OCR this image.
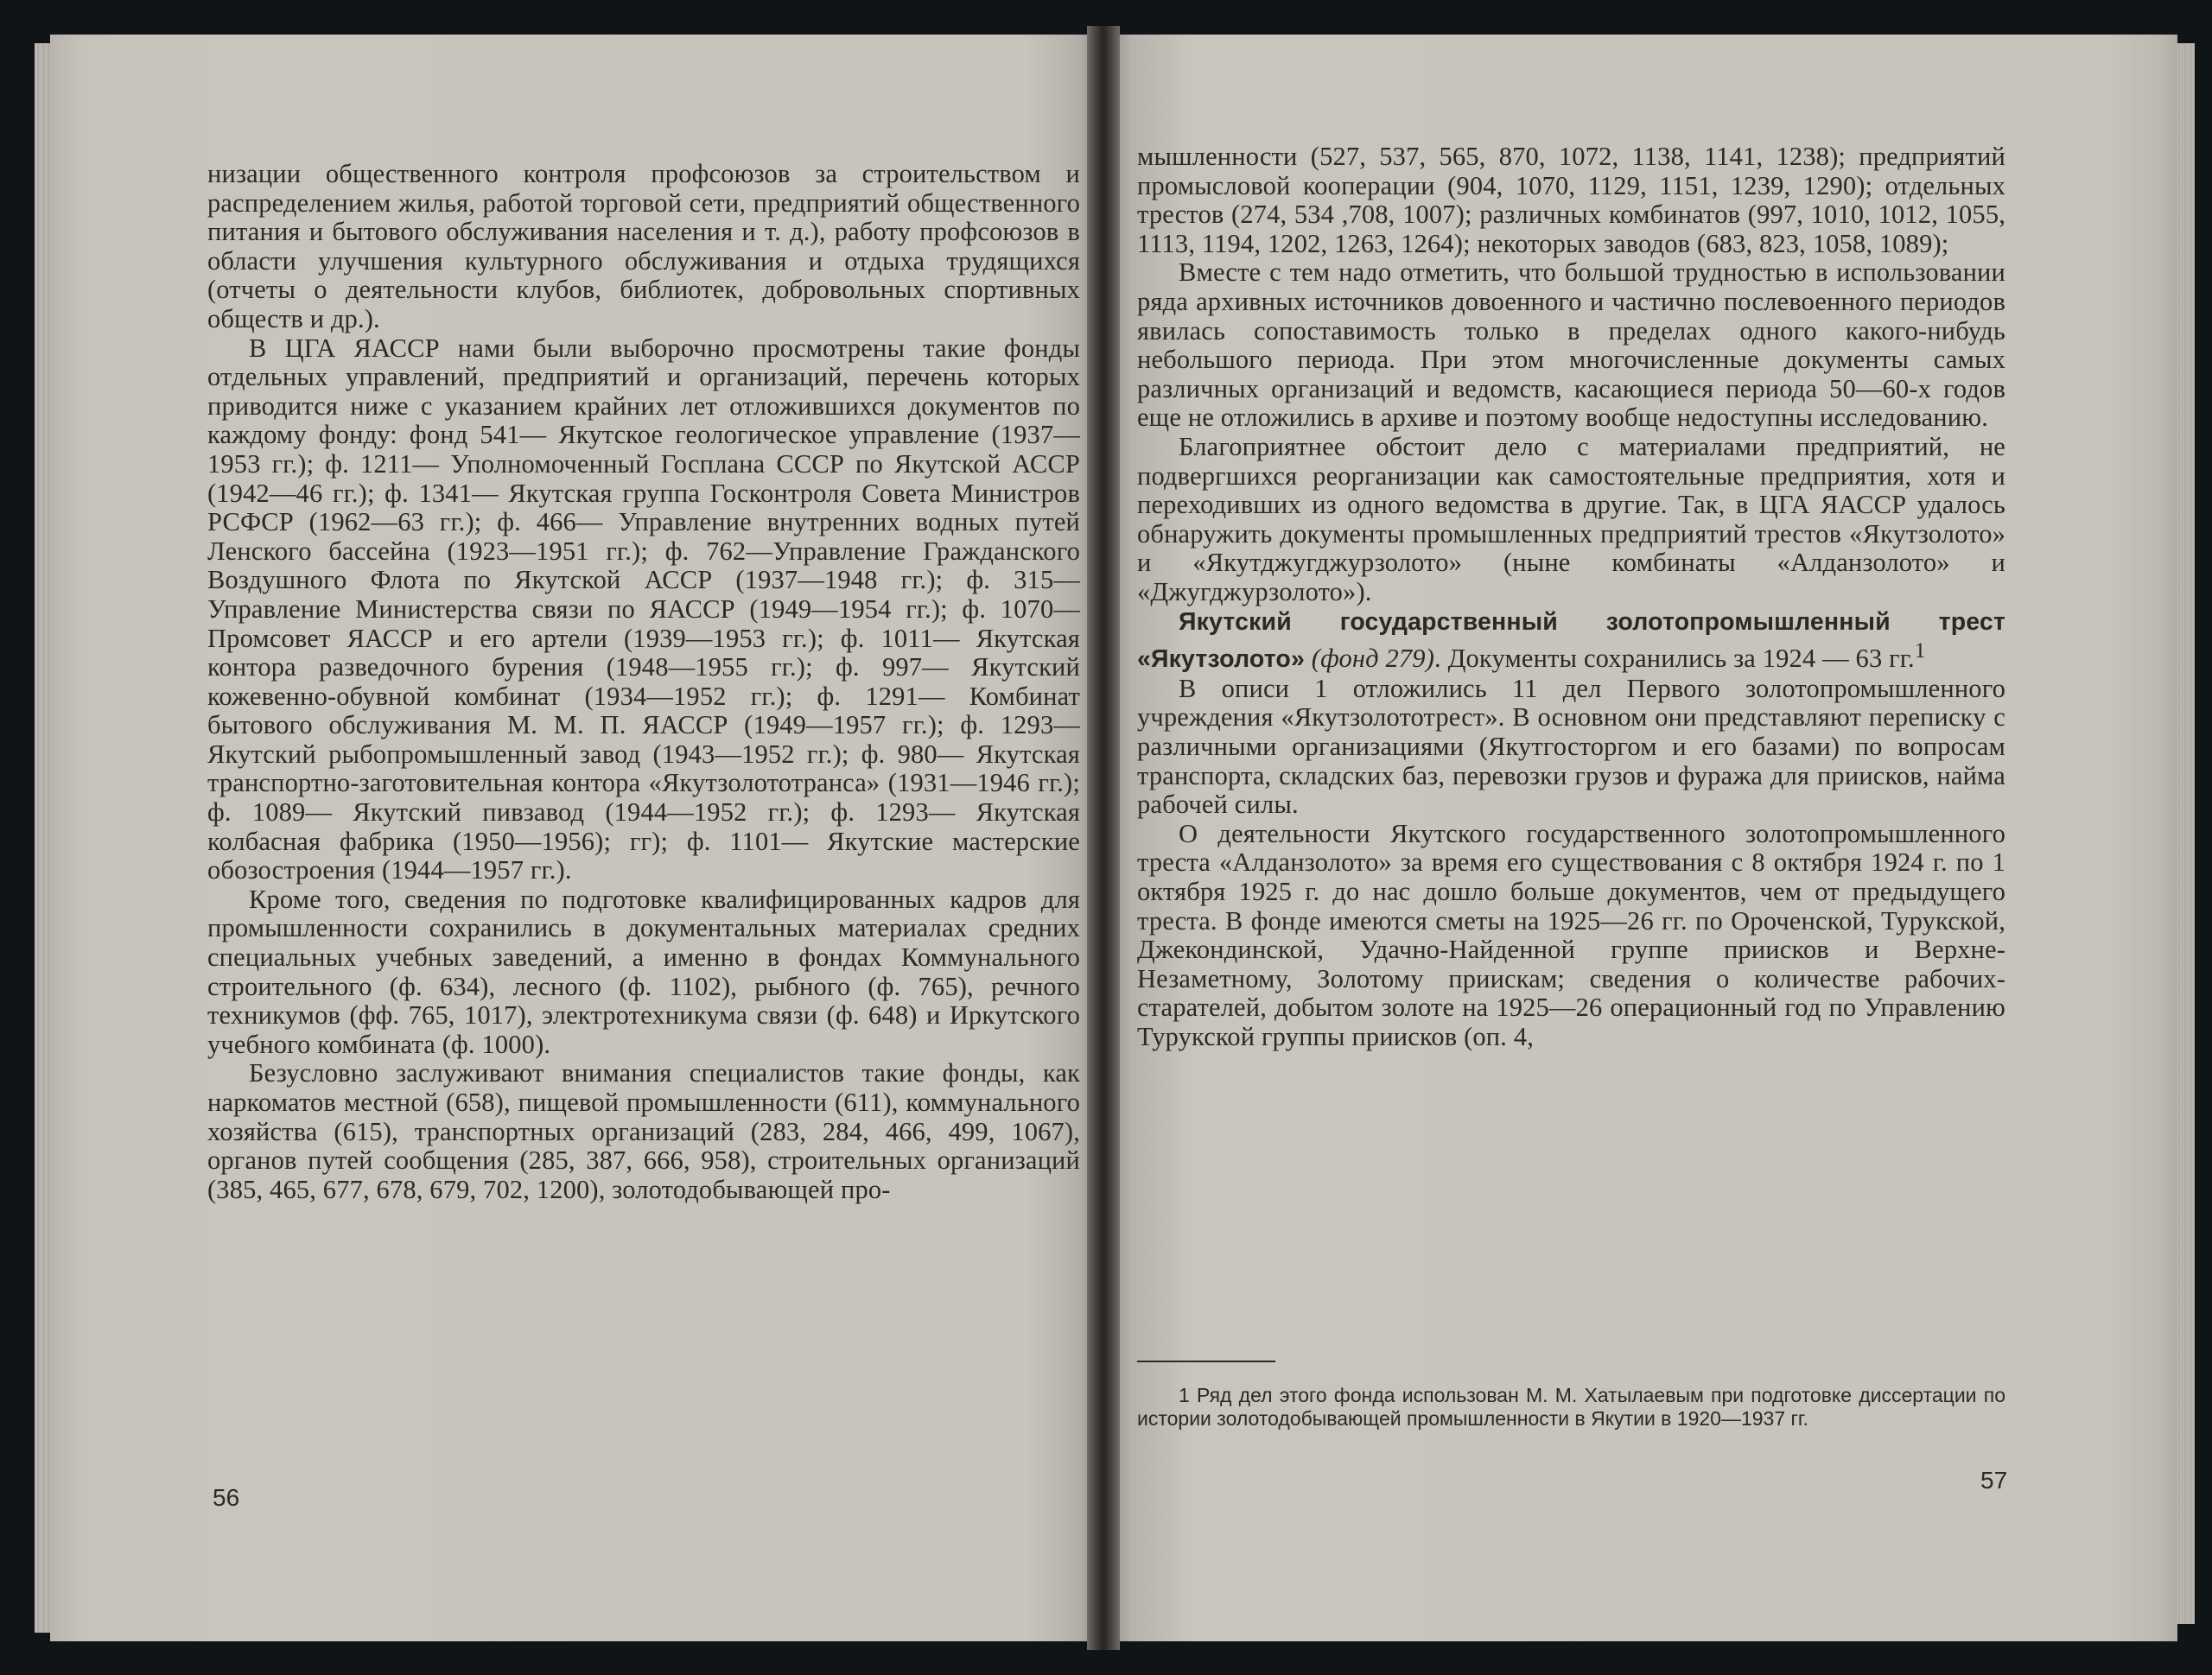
низации общественного контроля профсоюзов за строительством и распределением жилья, работой торговой сети, предприятий общественного питания и бытового обслуживания населения и т. д.), работу профсоюзов в области улучшения культурного обслуживания и отдыха трудящихся (отчеты о деятельности клубов, библиотек, добровольных спортивных обществ и др.).

В ЦГА ЯАССР нами были выборочно просмотрены такие фонды отдельных управлений, предприятий и организаций, перечень которых приводится ниже с указанием крайних лет отложившихся документов по каждому фонду: фонд 541— Якутское геологическое управление (1937—1953 гг.); ф. 1211— Уполномоченный Госплана СССР по Якутской АССР (1942—46 гг.); ф. 1341— Якутская группа Госконтроля Совета Министров РСФСР (1962—63 гг.); ф. 466— Управление внутренних водных путей Ленского бассейна (1923—1951 гг.); ф. 762—Управление Гражданского Воздушного Флота по Якутской АССР (1937—1948 гг.); ф. 315— Управление Министерства связи по ЯАССР (1949—1954 гг.); ф. 1070— Промсовет ЯАССР и его артели (1939—1953 гг.); ф. 1011— Якутская контора разведочного бурения (1948—1955 гг.); ф. 997— Якутский кожевенно-обувной комбинат (1934—1952 гг.); ф. 1291— Комбинат бытового обслуживания М. М. П. ЯАССР (1949—1957 гг.); ф. 1293— Якутский рыбопромышленный завод (1943—1952 гг.); ф. 980— Якутская транспортно-заготовительная контора «Якутзолототранса» (1931—1946 гг.); ф. 1089— Якутский пивзавод (1944—1952 гг.); ф. 1293— Якутская колбасная фабрика (1950—1956); гг); ф. 1101— Якутские мастерские обозостроения (1944—1957 гг.).

Кроме того, сведения по подготовке квалифицированных кадров для промышленности сохранились в документальных материалах средних специальных учебных заведений, а именно в фондах Коммунального строительного (ф. 634), лесного (ф. 1102), рыбного (ф. 765), речного техникумов (фф. 765, 1017), электротехникума связи (ф. 648) и Иркутского учебного комбината (ф. 1000).

Безусловно заслуживают внимания специалистов такие фонды, как наркоматов местной (658), пищевой промышленности (611), коммунального хозяйства (615), транспортных организаций (283, 284, 466, 499, 1067), органов путей сообщения (285, 387, 666, 958), строительных организаций (385, 465, 677, 678, 679, 702, 1200), золотодобывающей про-

56

мышленности (527, 537, 565, 870, 1072, 1138, 1141, 1238); предприятий промысловой кооперации (904, 1070, 1129, 1151, 1239, 1290); отдельных трестов (274, 534 ,708, 1007); различных комбинатов (997, 1010, 1012, 1055, 1113, 1194, 1202, 1263, 1264); некоторых заводов (683, 823, 1058, 1089);

Вместе с тем надо отметить, что большой трудностью в использовании ряда архивных источников довоенного и частично послевоенного периодов явилась сопоставимость только в пределах одного какого-нибудь небольшого периода. При этом многочисленные документы самых различных организаций и ведомств, касающиеся периода 50—60-х годов еще не отложились в архиве и поэтому вообще недоступны исследованию.

Благоприятнее обстоит дело с материалами предприятий, не подвергшихся реорганизации как самостоятельные предприятия, хотя и переходивших из одного ведомства в другие. Так, в ЦГА ЯАССР удалось обнаружить документы промышленных предприятий трестов «Якутзолото» и «Якутджугджурзолото» (ныне комбинаты «Алданзолото» и «Джугджурзолото»).

Якутский государственный золотопромышленный трест «Якутзолото» (фонд 279). Документы сохранились за 1924 — 63 гг.$^1$

В описи 1 отложились 11 дел Первого золотопромышленного учреждения «Якутзолототрест». В основном они представляют переписку с различными организациями (Якутгосторгом и его базами) по вопросам транспорта, складских баз, перевозки грузов и фуража для приисков, найма рабочей силы.

О деятельности Якутского государственного золотопромышленного треста «Алданзолото» за время его существования с 8 октября 1924 г. по 1 октября 1925 г. до нас дошло больше документов, чем от предыдущего треста. В фонде имеются сметы на 1925—26 гг. по Ороченской, Турукской, Джекондинской, Удачно-Найденной группе приисков и Верхне-Незаметному, Золотому приискам; сведения о количестве рабочих-старателей, добытом золоте на 1925—26 операционный год по Управлению Турукской группы приисков (оп. 4,

1 Ряд дел этого фонда использован М. М. Хатылаевым при подготовке диссертации по истории золотодобывающей промышленности в Якутии в 1920—1937 гг.

57
